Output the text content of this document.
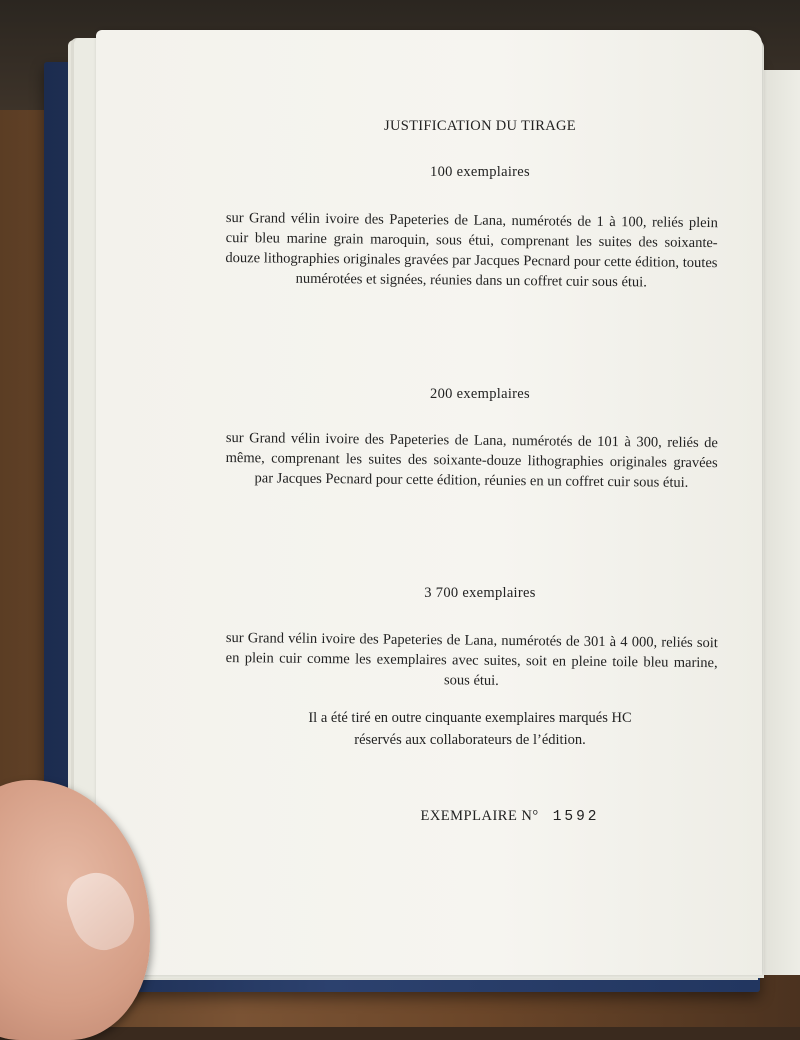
JUSTIFICATION DU TIRAGE
100 exemplaires
sur Grand vélin ivoire des Papeteries de Lana, numérotés de 1 à 100, reliés plein cuir bleu marine grain maroquin, sous étui, comprenant les suites des soixante-douze lithographies originales gravées par Jacques Pecnard pour cette édition, toutes numérotées et signées, réunies dans un coffret cuir sous étui.
200 exemplaires
sur Grand vélin ivoire des Papeteries de Lana, numérotés de 101 à 300, reliés de même, comprenant les suites des soixante-douze lithographies originales gravées par Jacques Pecnard pour cette édition, réunies en un coffret cuir sous étui.
3 700 exemplaires
sur Grand vélin ivoire des Papeteries de Lana, numérotés de 301 à 4 000, reliés soit en plein cuir comme les exemplaires avec suites, soit en pleine toile bleu marine, sous étui.
Il a été tiré en outre cinquante exemplaires marqués HC
réservés aux collaborateurs de l’édition.
EXEMPLAIRE N° 1592
